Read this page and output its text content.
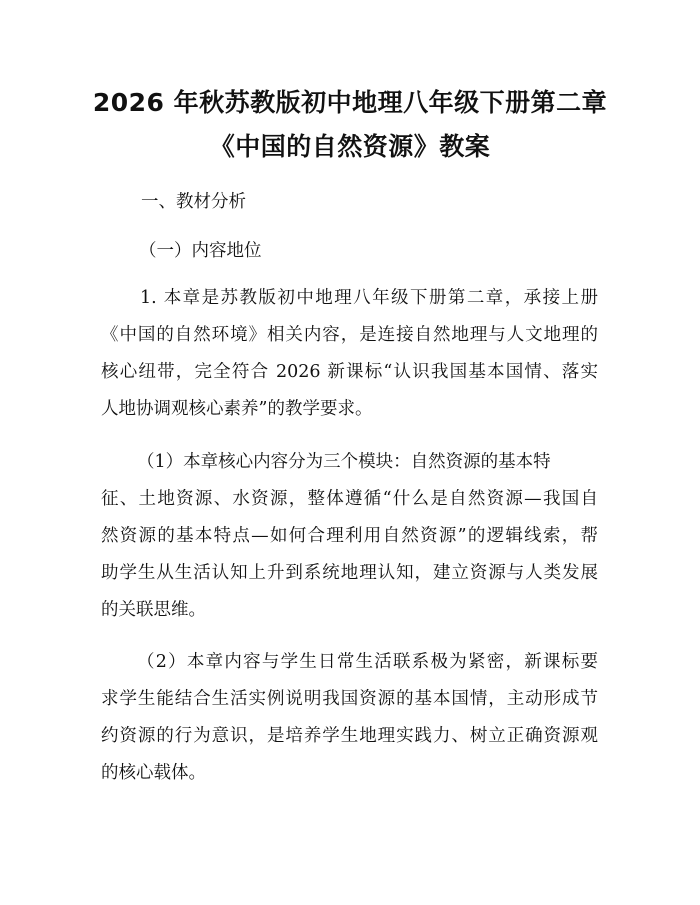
2026 年秋苏教版初中地理八年级下册第二章
《中国的自然资源》教案

一、教材分析

（一）内容地位

1. 本章是苏教版初中地理八年级下册第二章，承接上册

《中国的自然环境》相关内容，是连接自然地理与人文地理的

核心纽带，完全符合 2026 新课标“认识我国基本国情、落实

人地协调观核心素养”的教学要求。

（1）本章核心内容分为三个模块：自然资源的基本特

征、土地资源、水资源，整体遵循“什么是自然资源—我国自

然资源的基本特点—如何合理利用自然资源”的逻辑线索，帮

助学生从生活认知上升到系统地理认知，建立资源与人类发展

的关联思维。

（2）本章内容与学生日常生活联系极为紧密，新课标要

求学生能结合生活实例说明我国资源的基本国情，主动形成节

约资源的行为意识，是培养学生地理实践力、树立正确资源观

的核心载体。
